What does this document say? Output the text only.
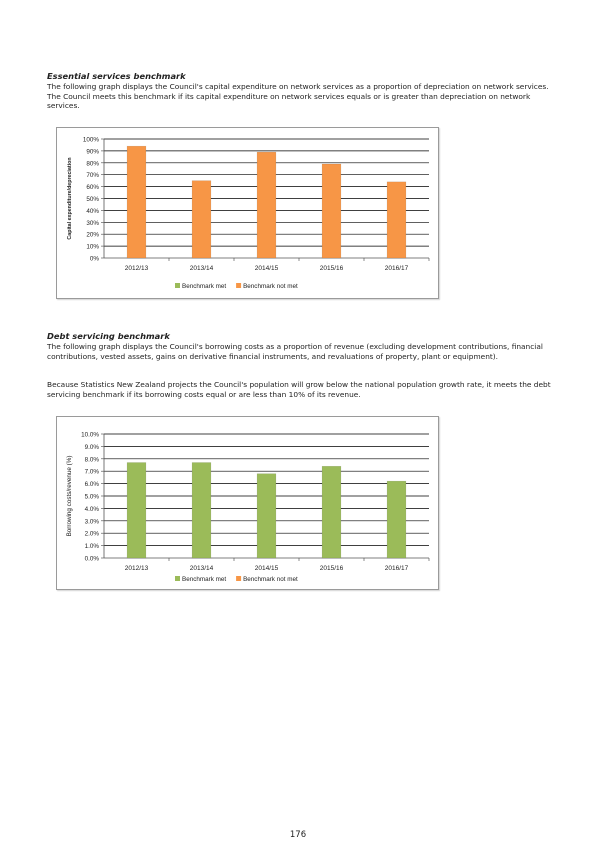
Essential services benchmark

The following graph displays the Council's capital expenditure on network services as a proportion of depreciation on network services. The Council meets this benchmark if its capital expenditure on network services equals or is greater than depreciation on network services.

0%
10%
20%
30%
40%
50%
60%
70%
80%
90%
100%
Capital expenditure/depreciation
2012/13	2013/14	2014/15	2015/16	2016/17
Benchmark met	Benchmark not met
Debt servicing benchmark

The following graph displays the Council's borrowing costs as a proportion of revenue (excluding development contributions, financial contributions, vested assets, gains on derivative financial instruments, and revaluations of property, plant or equipment).

Because Statistics New Zealand projects the Council's population will grow below the national population growth rate, it meets the debt servicing benchmark if its borrowing costs equal or are less than 10% of its revenue.

0.0%
1.0%
2.0%
3.0%
4.0%
5.0%
6.0%
7.0%
8.0%
9.0%
10.0%
Borrowing costs/revenue (%)
2012/13	2013/14	2014/15	2015/16	2016/17
Benchmark met	Benchmark not met
176
